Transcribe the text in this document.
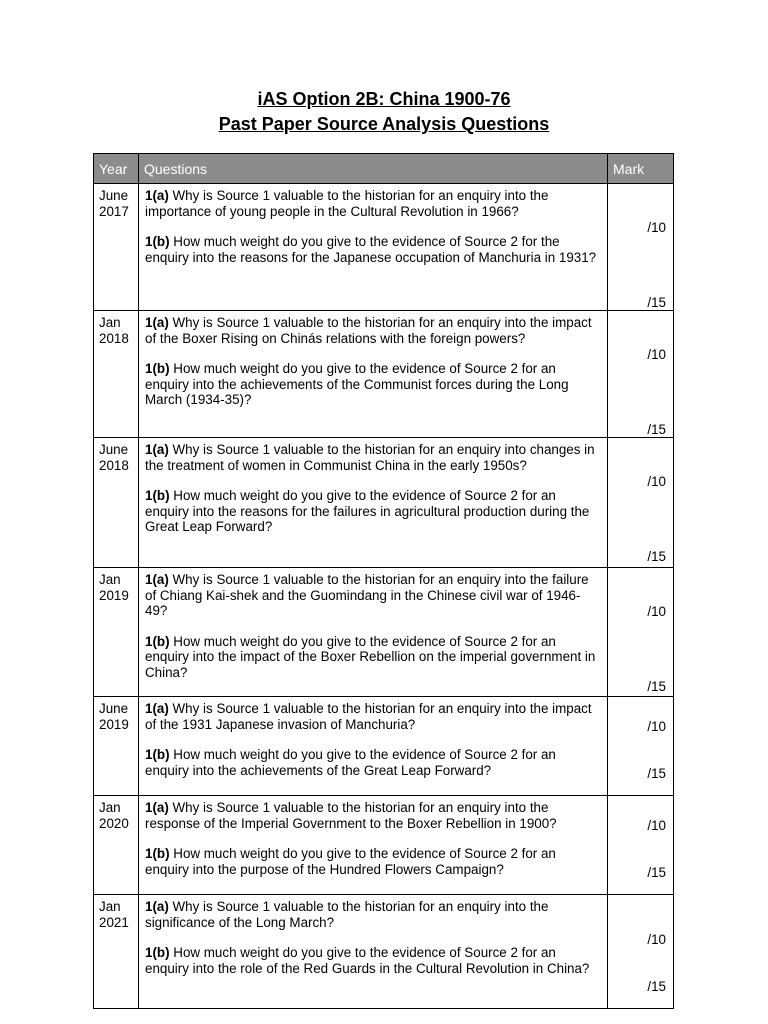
iAS Option 2B: China 1900-76
Past Paper Source Analysis Questions
Year	Questions	Mark
June
2017	1(a) Why is Source 1 valuable to the historian for an enquiry into the importance of young people in the Cultural Revolution in 1966?
1(b) How much weight do you give to the evidence of Source 2 for the enquiry into the reasons for the Japanese occupation of Manchuria in 1931?	/10
/15

Jan
2018	1(a) Why is Source 1 valuable to the historian for an enquiry into the impact of the Boxer Rising on Chinás relations with the foreign powers?
1(b) How much weight do you give to the evidence of Source 2 for an enquiry into the achievements of the Communist forces during the Long March (1934-35)?	/10
/15

June
2018	1(a) Why is Source 1 valuable to the historian for an enquiry into changes in the treatment of women in Communist China in the early 1950s?
1(b) How much weight do you give to the evidence of Source 2 for an enquiry into the reasons for the failures in agricultural production during the Great Leap Forward?	/10
/15

Jan
2019	1(a) Why is Source 1 valuable to the historian for an enquiry into the failure of Chiang Kai-shek and the Guomindang in the Chinese civil war of 1946-49?
1(b) How much weight do you give to the evidence of Source 2 for an enquiry into the impact of the Boxer Rebellion on the imperial government in China?	/10
/15

June
2019	1(a) Why is Source 1 valuable to the historian for an enquiry into the impact of the 1931 Japanese invasion of Manchuria?
1(b) How much weight do you give to the evidence of Source 2 for an enquiry into the achievements of the Great Leap Forward?	/10
/15

Jan
2020	1(a) Why is Source 1 valuable to the historian for an enquiry into the response of the Imperial Government to the Boxer Rebellion in 1900?
1(b) How much weight do you give to the evidence of Source 2 for an enquiry into the purpose of the Hundred Flowers Campaign?	/10
/15

Jan
2021	1(a) Why is Source 1 valuable to the historian for an enquiry into the significance of the Long March?
1(b) How much weight do you give to the evidence of Source 2 for an enquiry into the role of the Red Guards in the Cultural Revolution in China?	/10
/15
